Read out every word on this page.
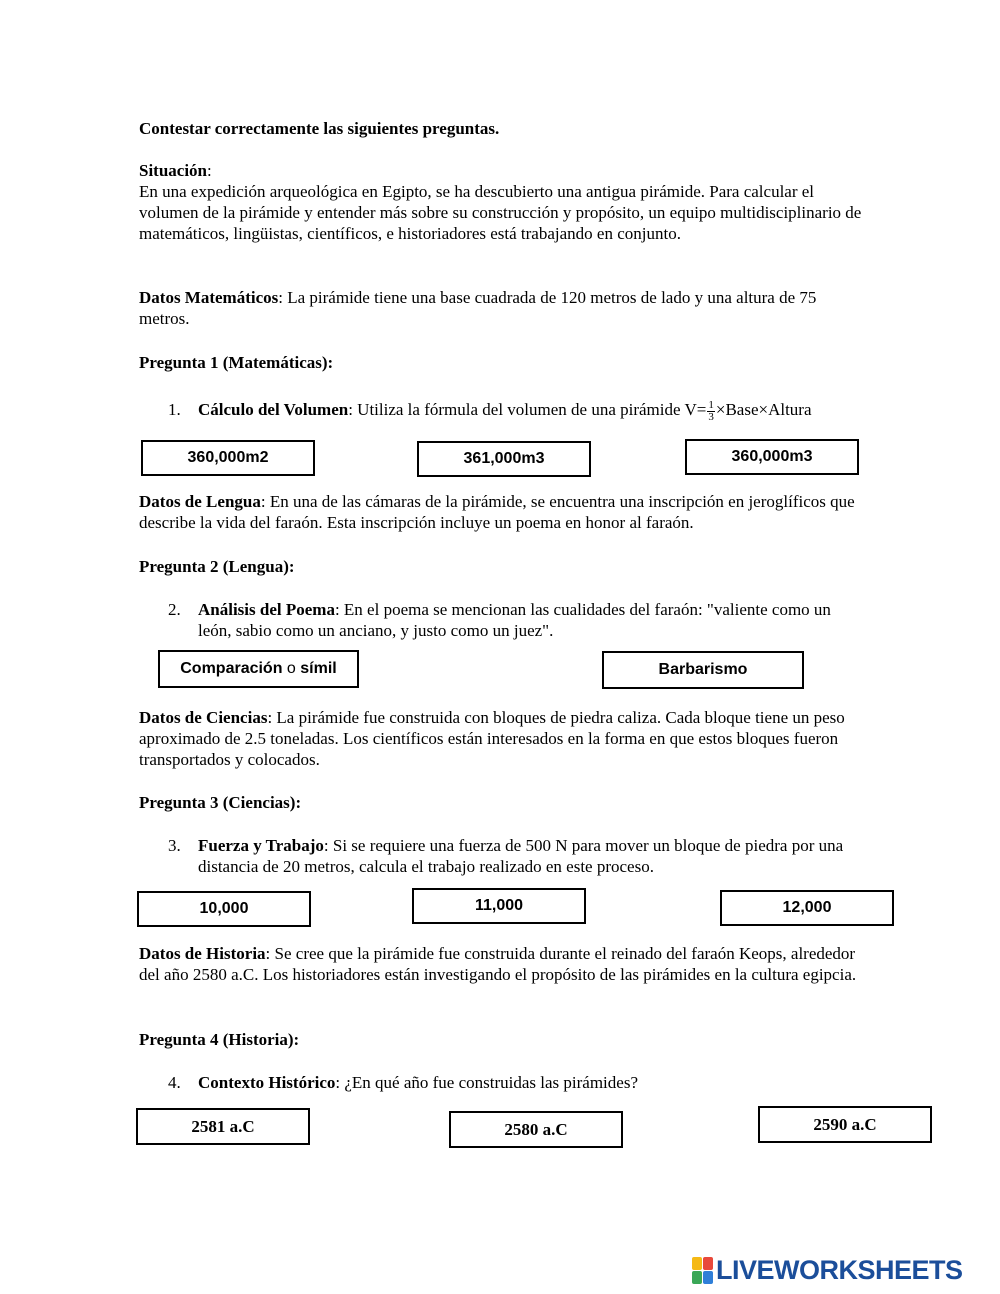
Contestar correctamente las siguientes preguntas.
Situación:
En una expedición arqueológica en Egipto, se ha descubierto una antigua pirámide. Para calcular el volumen de la pirámide y entender más sobre su construcción y propósito, un equipo multidisciplinario de matemáticos, lingüistas, científicos, e historiadores está trabajando en conjunto.
Datos Matemáticos: La pirámide tiene una base cuadrada de 120 metros de lado y una altura de 75 metros.
Pregunta 1 (Matemáticas):
1. Cálculo del Volumen: Utiliza la fórmula del volumen de una pirámide $V= \frac{1}{3}$ ×Base×Altura
360,000m2	361,000m3	360,000m3
Datos de Lengua: En una de las cámaras de la pirámide, se encuentra una inscripción en jeroglíficos que describe la vida del faraón. Esta inscripción incluye un poema en honor al faraón.
Pregunta 2 (Lengua):
2. Análisis del Poema: En el poema se mencionan las cualidades del faraón: "valiente como un león, sabio como un anciano, y justo como un juez".
Comparación o símil	Barbarismo
Datos de Ciencias: La pirámide fue construida con bloques de piedra caliza. Cada bloque tiene un peso aproximado de 2.5 toneladas. Los científicos están interesados en la forma en que estos bloques fueron transportados y colocados.
Pregunta 3 (Ciencias):
3. Fuerza y Trabajo: Si se requiere una fuerza de 500 N para mover un bloque de piedra por una distancia de 20 metros, calcula el trabajo realizado en este proceso.
10,000	11,000	12,000
Datos de Historia: Se cree que la pirámide fue construida durante el reinado del faraón Keops, alrededor del año 2580 a.C. Los historiadores están investigando el propósito de las pirámides en la cultura egipcia.
Pregunta 4 (Historia):
4. Contexto Histórico: ¿En qué año fue construidas las pirámides?
2581 a.C	2580 a.C	2590 a.C
LIVEWORKSHEETS
